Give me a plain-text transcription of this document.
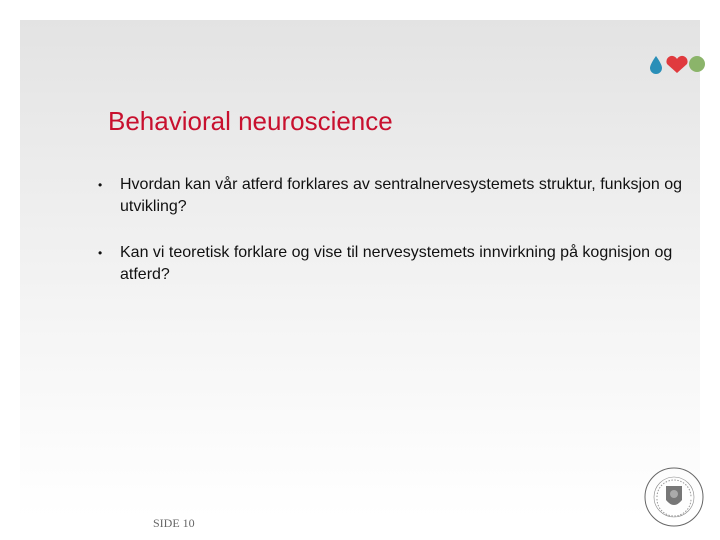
Behavioral neuroscience
•	Hvordan kan vår atferd forklares av sentralnervesystemets struktur, funksjon og utvikling?
•	Kan vi teoretisk forklare og vise til nervesystemets innvirkning på kognisjon og atferd?
SIDE 10
